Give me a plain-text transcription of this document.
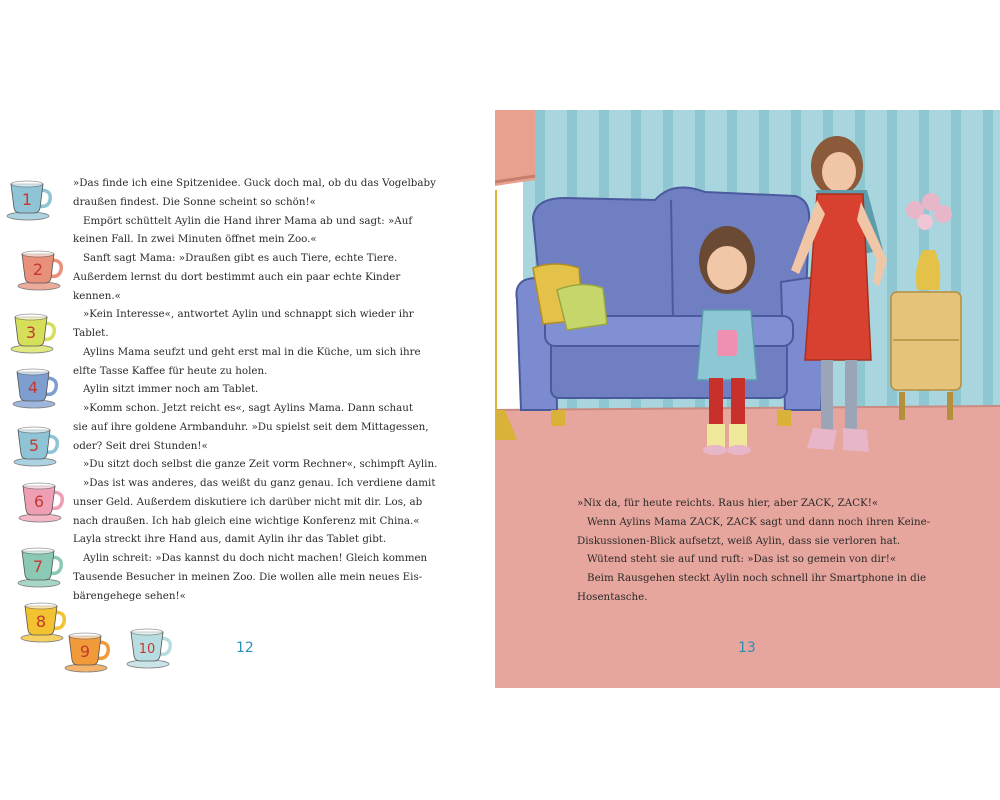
1
2
3
4
5
6
7
8
9	10

»Das finde ich eine Spitzenidee. Guck doch mal, ob du das Vogelbaby

draußen findest. Die Sonne scheint so schön!«

Empört schüttelt Aylin die Hand ihrer Mama ab und sagt: »Auf

keinen Fall. In zwei Minuten öffnet mein Zoo.«

Sanft sagt Mama: »Draußen gibt es auch Tiere, echte Tiere.

Außerdem lernst du dort bestimmt auch ein paar echte Kinder

kennen.«

»Kein Interesse«, antwortet Aylin und schnappt sich wieder ihr

Tablet.

Aylins Mama seufzt und geht erst mal in die Küche, um sich ihre

elfte Tasse Kaffee für heute zu holen.

Aylin sitzt immer noch am Tablet.

»Komm schon. Jetzt reicht es«, sagt Aylins Mama. Dann schaut

sie auf ihre goldene Armbanduhr. »Du spielst seit dem Mittagessen,

oder? Seit drei Stunden!«

»Du sitzt doch selbst die ganze Zeit vorm Rechner«, schimpft Aylin.

»Das ist was anderes, das weißt du ganz genau. Ich verdiene damit

unser Geld. Außerdem diskutiere ich darüber nicht mit dir. Los, ab

nach draußen. Ich hab gleich eine wichtige Konferenz mit China.«

Layla streckt ihre Hand aus, damit Aylin ihr das Tablet gibt.

Aylin schreit: »Das kannst du doch nicht machen! Gleich kommen

Tausende Besucher in meinen Zoo. Die wollen alle mein neues Eis-

bärengehege sehen!«

12

»Nix da, für heute reichts. Raus hier, aber ZACK, ZACK!«

Wenn Aylins Mama ZACK, ZACK sagt und dann noch ihren Keine-

Diskussionen-Blick aufsetzt, weiß Aylin, dass sie verloren hat.

Wütend steht sie auf und ruft: »Das ist so gemein von dir!«

Beim Rausgehen steckt Aylin noch schnell ihr Smartphone in die

Hosentasche.

13
